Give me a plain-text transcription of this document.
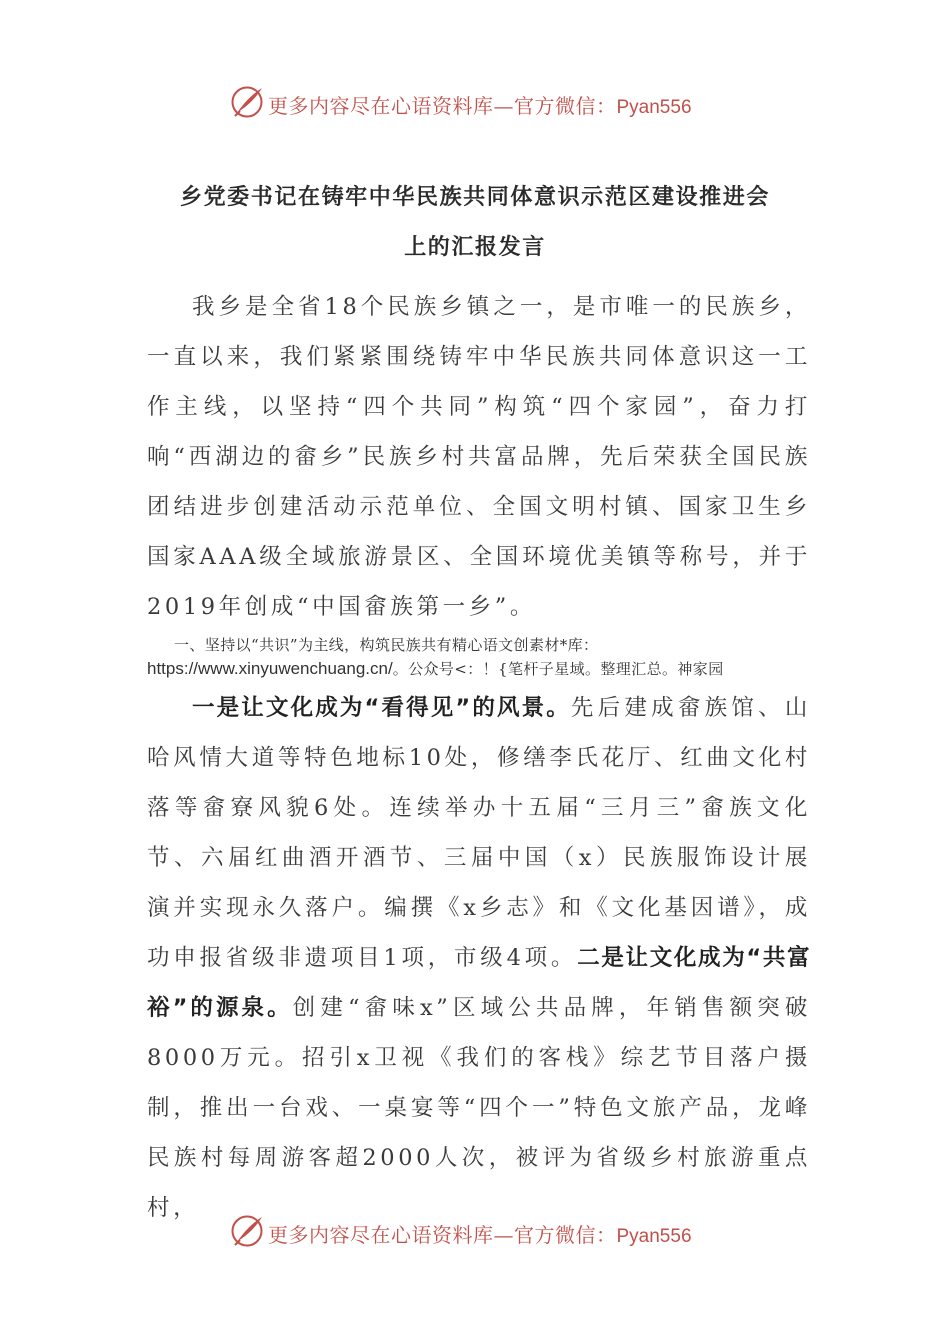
更多内容尽在心语资料库—官方微信：Pyan556
乡党委书记在铸牢中华民族共同体意识示范区建设推进会
上的汇报发言

我乡是全省18个民族乡镇之一，是市唯一的民族乡，一直以来，我们紧紧围绕铸牢中华民族共同体意识这一工作主线，以坚持“四个共同”构筑“四个家园”，奋力打响“西湖边的畲乡”民族乡村共富品牌，先后荣获全国民族团结进步创建活动示范单位、全国文明村镇、国家卫生乡国家AAA级全域旅游景区、全国环境优美镇等称号，并于2019年创成“中国畲族第一乡”。

一、坚持以“共识”为主线，构筑民族共有精心语文创素材*库：https://www.xinyuwenchuang.cn/。公众号<：！{笔杆子星域。整理汇总。神家园

一是让文化成为“看得见”的风景。先后建成畲族馆、山哈风情大道等特色地标10处，修缮李氏花厅、红曲文化村落等畲寮风貌6处。连续举办十五届“三月三”畲族文化节、六届红曲酒开酒节、三届中国（x）民族服饰设计展演并实现永久落户。编撰《x乡志》和《文化基因谱》，成功申报省级非遗项目1项，市级4项。二是让文化成为“共富裕”的源泉。创建“畲味x”区域公共品牌，年销售额突破8000万元。招引x卫视《我们的客栈》综艺节目落户摄制，推出一台戏、一桌宴等“四个一”特色文旅产品，龙峰民族村每周游客超2000人次，被评为省级乡村旅游重点村，

更多内容尽在心语资料库—官方微信：Pyan556
